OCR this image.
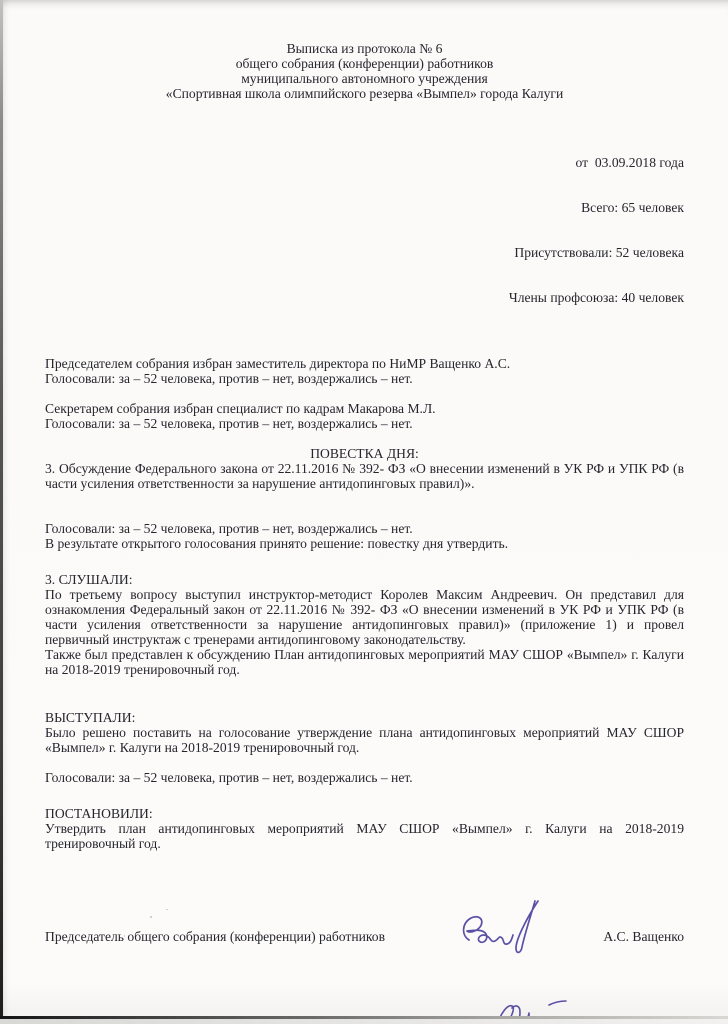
Выписка из протокола № 6
общего собрания (конференции) работников
муниципального автономного учреждения
«Спортивная школа олимпийского резерва «Вымпел» города Калуги

от  03.09.2018 года

Всего: 65 человек

Присутствовали: 52 человека

Члены профсоюза: 40 человек

Председателем собрания избран заместитель директора по НиМР Ващенко А.С.
Голосовали: за – 52 человека, против – нет, воздержались – нет.
Секретарем собрания избран специалист по кадрам Макарова М.Л.
Голосовали: за – 52 человека, против – нет, воздержались – нет.
ПОВЕСТКА ДНЯ:
3. Обсуждение Федерального закона от 22.11.2016 № 392- ФЗ «О внесении изменений в УК РФ и УПК РФ (в части усиления ответственности за нарушение антидопинговых правил)».
Голосовали: за – 52 человека, против – нет, воздержались – нет.
В результате открытого голосования принято решение: повестку дня утвердить.
3. СЛУШАЛИ:
По третьему вопросу выступил инструктор-методист Королев Максим Андреевич. Он представил для ознакомления Федеральный закон от 22.11.2016 № 392- ФЗ «О внесении изменений в УК РФ и УПК РФ (в части усиления ответственности за нарушение антидопинговых правил)» (приложение 1) и провел первичный инструктаж с тренерами антидопинговому законодательству.
Также был представлен к обсуждению План антидопинговых мероприятий МАУ СШОР «Вымпел» г. Калуги на 2018-2019 тренировочный год.
ВЫСТУПАЛИ:
Было решено поставить на голосование утверждение плана антидопинговых мероприятий МАУ СШОР «Вымпел» г. Калуги на 2018-2019 тренировочный год.
Голосовали: за – 52 человека, против – нет, воздержались – нет.
ПОСТАНОВИЛИ:
Утвердить план антидопинговых мероприятий МАУ СШОР «Вымпел» г. Калуги на 2018-2019 тренировочный год.
Председатель общего собрания (конференции) работников	А.С. Ващенко
